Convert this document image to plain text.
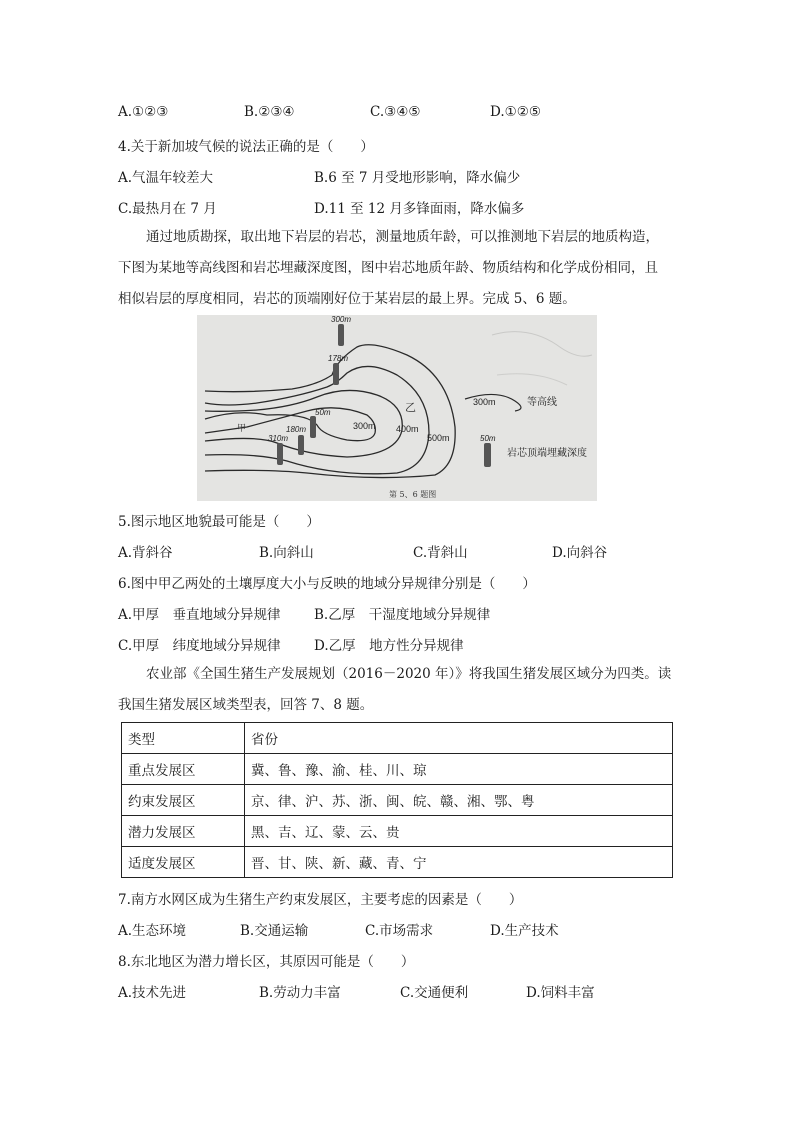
A.①②③	B.②③④	C.③④⑤	D.①②⑤
4.关于新加坡气候的说法正确的是（　　）
A.气温年较差大	B.6 至 7 月受地形影响，降水偏少
C.最热月在 7 月	D.11 至 12 月多锋面雨，降水偏多
通过地质勘探，取出地下岩层的岩芯，测量地质年龄，可以推测地下岩层的地质构造，
下图为某地等高线图和岩芯埋藏深度图，图中岩芯地质年龄、物质结构和化学成份相同，且
相似岩层的厚度相同，岩芯的顶端刚好位于某岩层的最上界。完成 5、6 题。
300m
178m
50m
180m
310m
300m 400m
500m
甲
乙	300m	等高线
50m
岩芯顶端埋藏深度
第 5、6 题图
5.图示地区地貌最可能是（　　）
A.背斜谷	B.向斜山	C.背斜山	D.向斜谷
6.图中甲乙两处的土壤厚度大小与反映的地域分异规律分别是（　　）
A.甲厚　垂直地域分异规律 B.乙厚　干湿度地域分异规律
C.甲厚　纬度地域分异规律 D.乙厚　地方性分异规律
农业部《全国生猪生产发展规划（2016－2020 年）》将我国生猪发展区域分为四类。读
我国生猪发展区域类型表，回答 7、8 题。
类型	省份
重点发展区	冀、鲁、豫、渝、桂、川、琼
约束发展区	京、律、沪、苏、浙、闽、皖、赣、湘、鄂、粤
潜力发展区	黑、吉、辽、蒙、云、贵
适度发展区	晋、甘、陕、新、藏、青、宁
7.南方水网区成为生猪生产约束发展区，主要考虑的因素是（　　）
A.生态环境	B.交通运输	C.市场需求	D.生产技术
8.东北地区为潜力增长区，其原因可能是（　　）
A.技术先进	B.劳动力丰富	C.交通便利	D.饲料丰富
